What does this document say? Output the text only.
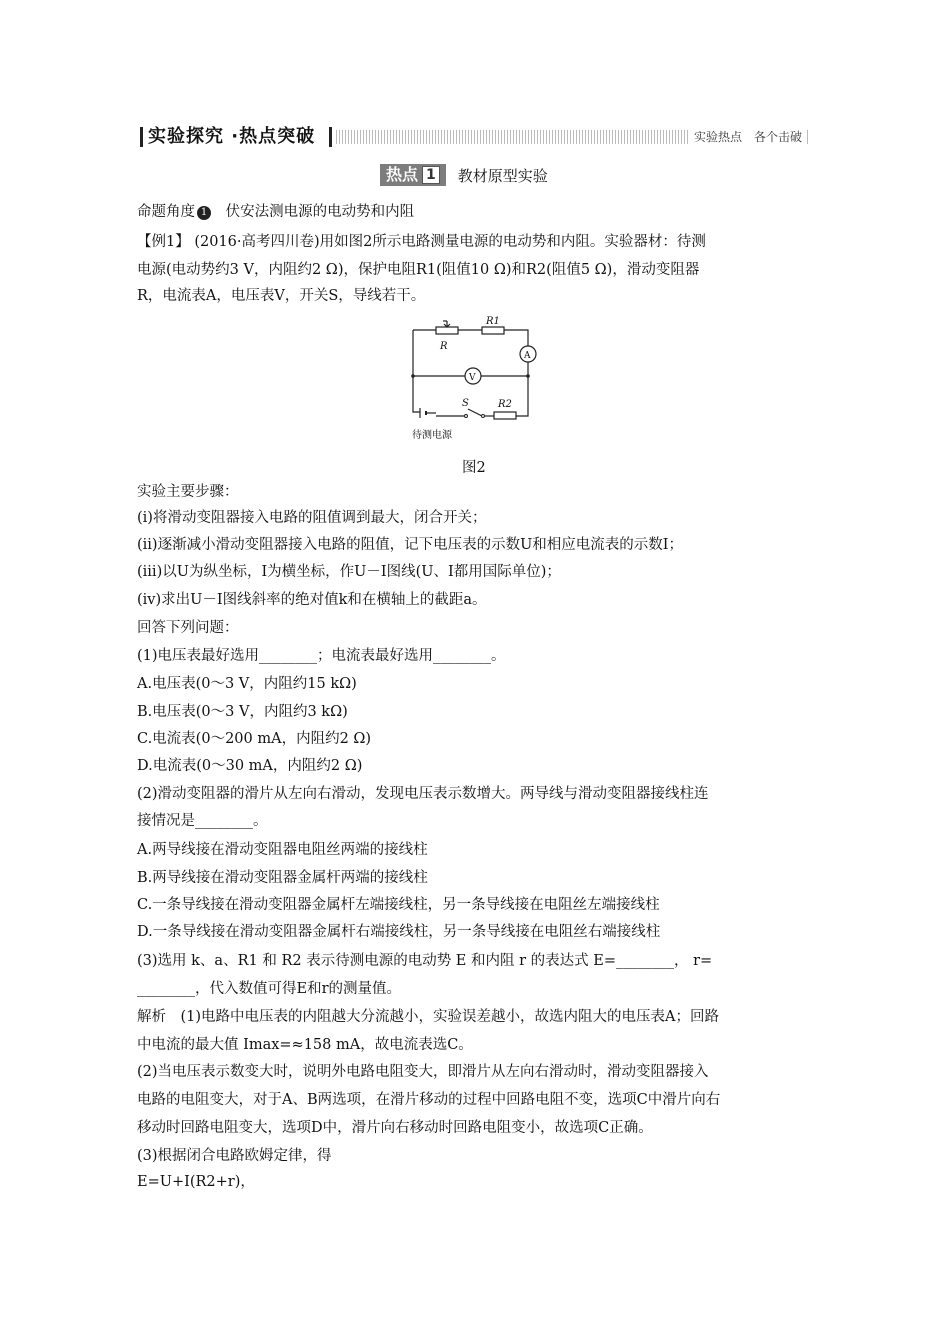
实验探究 ·热点突破	实验热点　各个击破
热点 1 教材原型实验
命题角度 1 伏安法测电源的电动势和内阻
【例1】 (2016·高考四川卷)用如图2所示电路测量电源的电动势和内阻。实验器材：待测
电源(电动势约3 V，内阻约2 Ω)，保护电阻R1(阻值10 Ω)和R2(阻值5 Ω)，滑动变阻器
R，电流表A，电压表V，开关S，导线若干。
R
R1
A
V
S	R2
待测电源
图2
实验主要步骤：
(ⅰ)将滑动变阻器接入电路的阻值调到最大，闭合开关；
(ⅱ)逐渐减小滑动变阻器接入电路的阻值，记下电压表的示数U和相应电流表的示数I；
(ⅲ)以U为纵坐标，I为横坐标，作U－I图线(U、I都用国际单位)；
(ⅳ)求出U－I图线斜率的绝对值k和在横轴上的截距a。
回答下列问题：
(1)电压表最好选用________；电流表最好选用________。
A.电压表(0～3 V，内阻约15 kΩ)
B.电压表(0～3 V，内阻约3 kΩ)
C.电流表(0～200 mA，内阻约2 Ω)
D.电流表(0～30 mA，内阻约2 Ω)
(2)滑动变阻器的滑片从左向右滑动，发现电压表示数增大。两导线与滑动变阻器接线柱连
接情况是________。
A.两导线接在滑动变阻器电阻丝两端的接线柱
B.两导线接在滑动变阻器金属杆两端的接线柱
C.一条导线接在滑动变阻器金属杆左端接线柱，另一条导线接在电阻丝左端接线柱
D.一条导线接在滑动变阻器金属杆右端接线柱，另一条导线接在电阻丝右端接线柱
(3)选用 k、a、R1 和 R2 表示待测电源的电动势 E 和内阻 r 的表达式 E=________， r=
________，代入数值可得E和r的测量值。
解析　(1)电路中电压表的内阻越大分流越小，实验误差越小，故选内阻大的电压表A；回路
中电流的最大值 Imax=≈158 mA，故电流表选C。
(2)当电压表示数变大时，说明外电路电阻变大，即滑片从左向右滑动时，滑动变阻器接入
电路的电阻变大，对于A、B两选项，在滑片移动的过程中回路电阻不变，选项C中滑片向右
移动时回路电阻变大，选项D中，滑片向右移动时回路电阻变小，故选项C正确。
(3)根据闭合电路欧姆定律，得
E=U+I(R2+r)，
